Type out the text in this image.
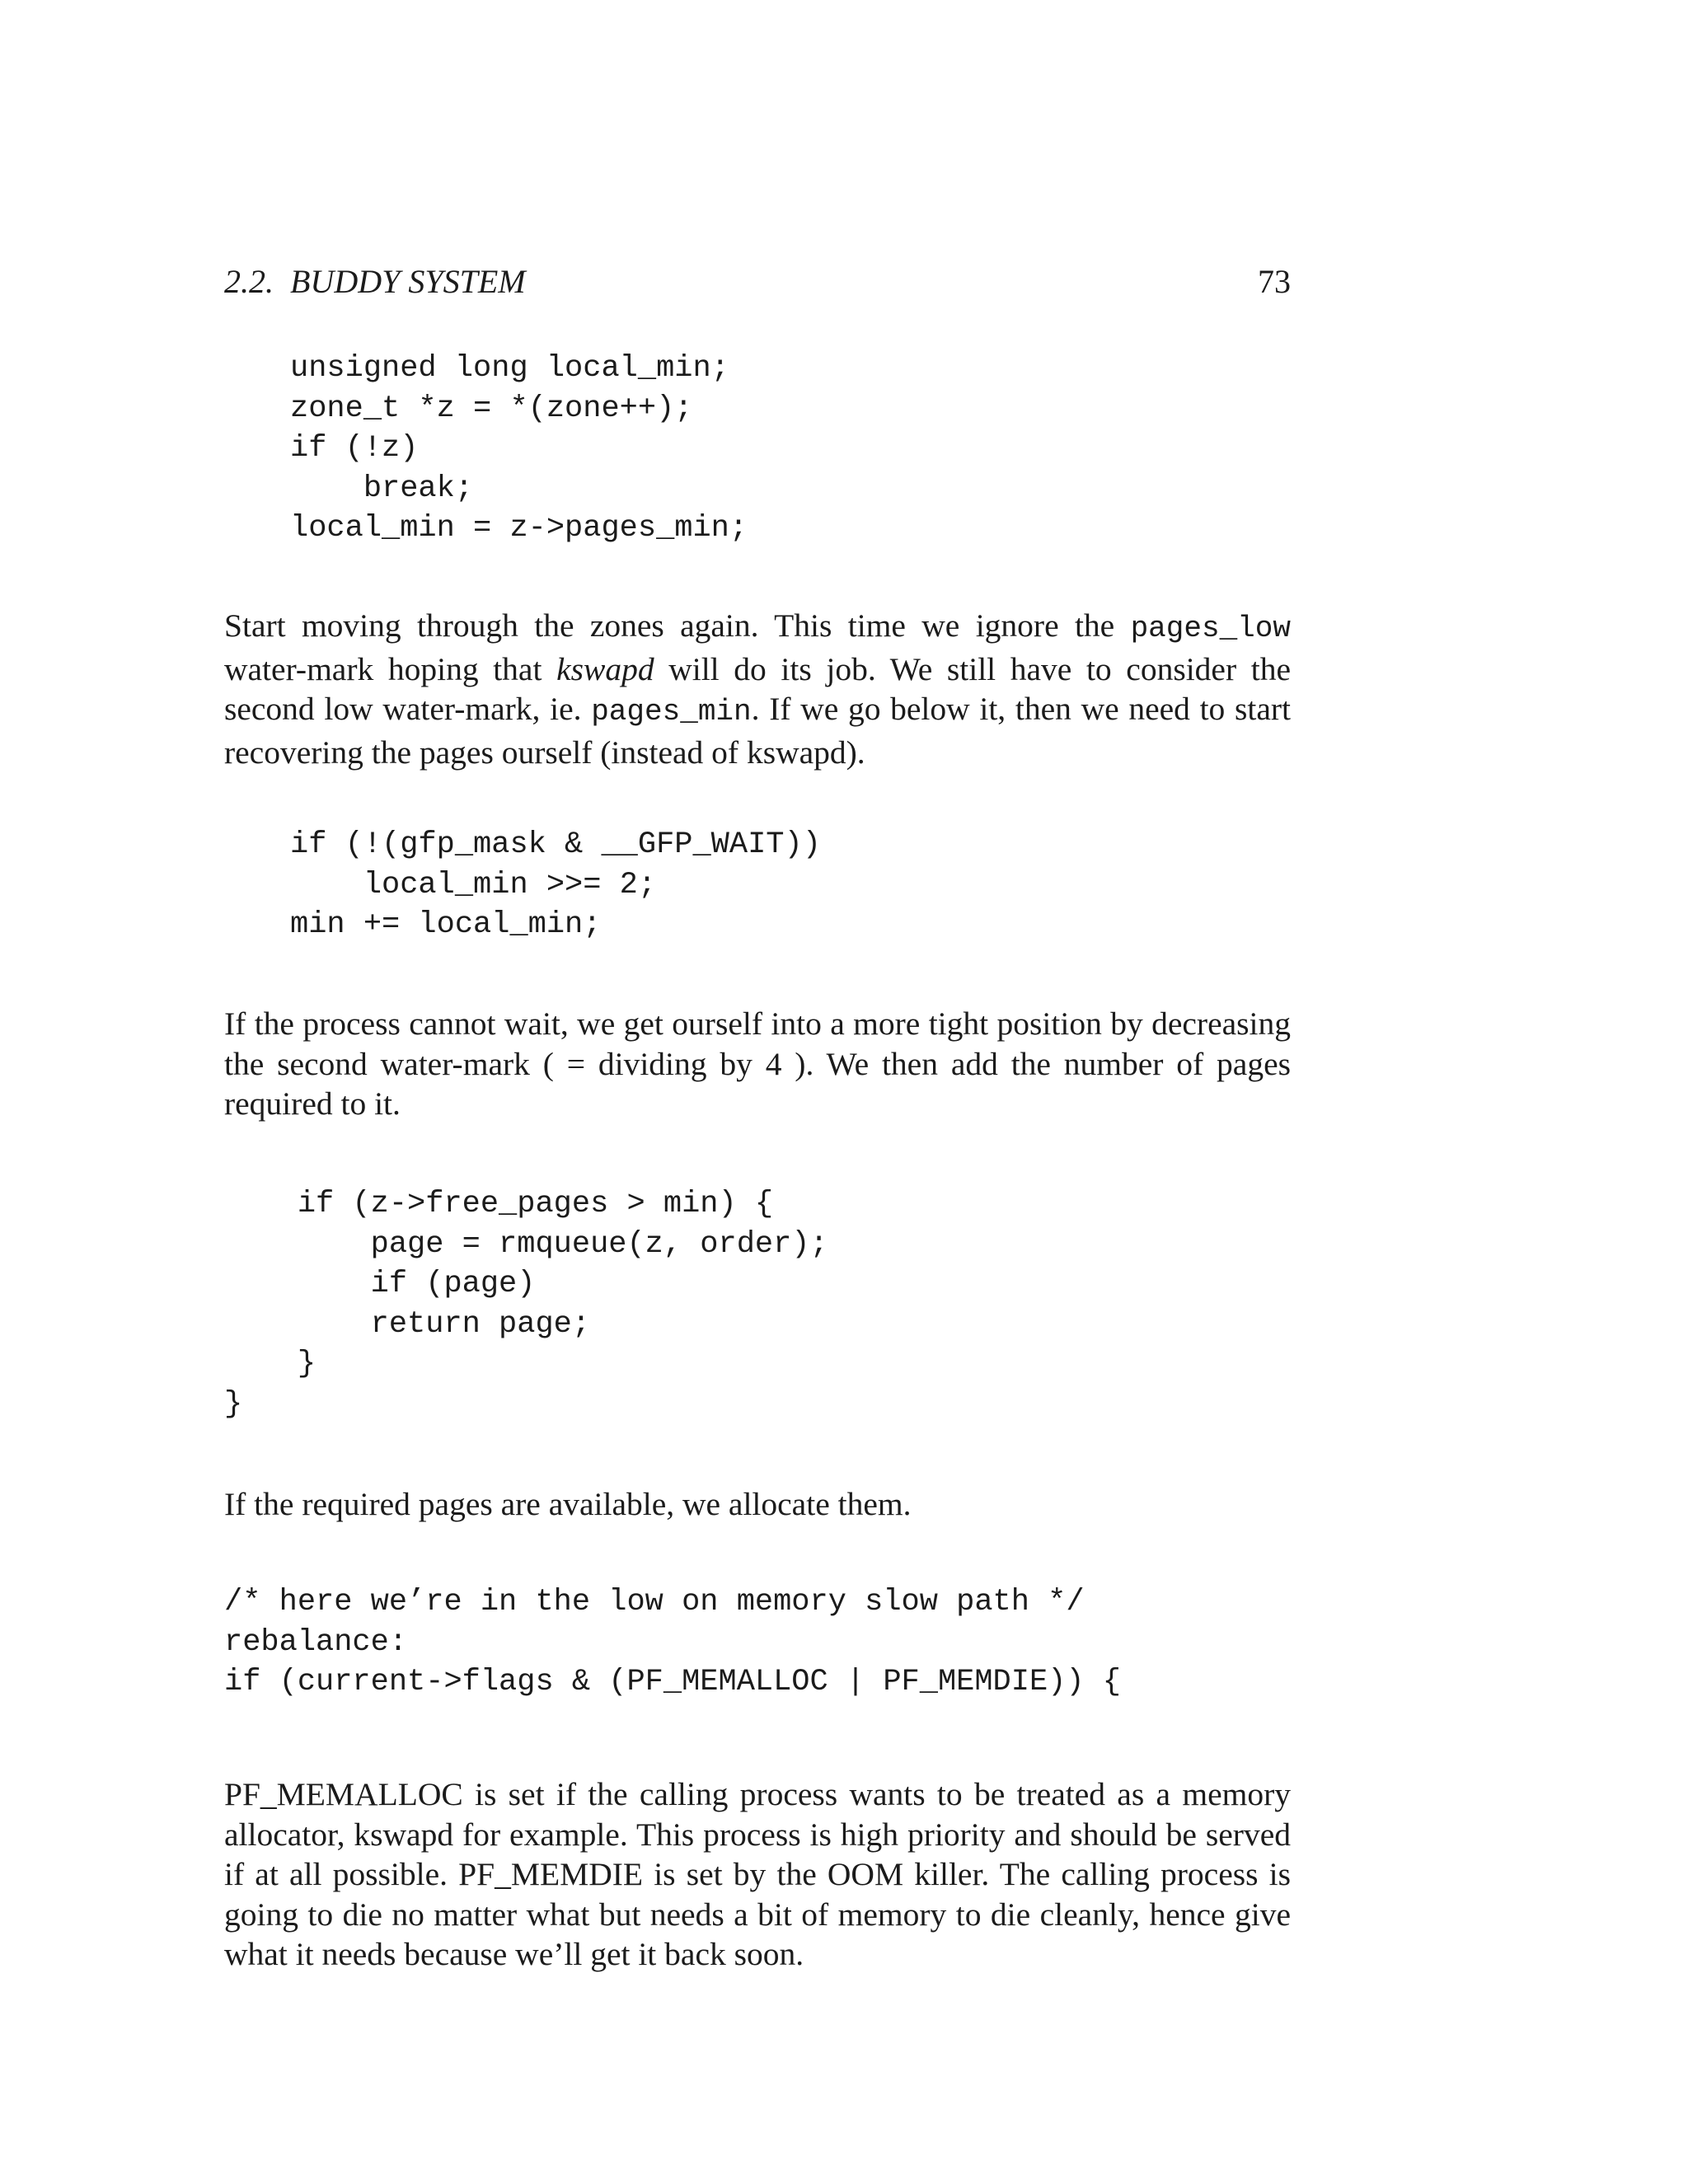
2.2.  BUDDY SYSTEM	73
unsigned long local_min;
zone_t *z = *(zone++);
if (!z)
break;
local_min = z->pages_min;

Start moving through the zones again. This time we ignore the pages_low water-mark hoping that kswapd will do its job. We still have to consider the second low water-mark, ie. pages_min. If we go below it, then we need to start recovering the pages ourself (instead of kswapd).

if (!(gfp_mask & __GFP_WAIT))
local_min >>= 2;
min += local_min;

If the process cannot wait, we get ourself into a more tight position by decreasing the second water-mark ( = dividing by 4 ). We then add the number of pages required to it.

if (z->free_pages > min) {
page = rmqueue(z, order);
if (page)
return page;
}
}

If the required pages are available, we allocate them.

/* here we’re in the low on memory slow path */
rebalance:
if (current->flags & (PF_MEMALLOC | PF_MEMDIE)) {

PF_MEMALLOC is set if the calling process wants to be treated as a memory allocator, kswapd for example. This process is high priority and should be served if at all possible. PF_MEMDIE is set by the OOM killer. The calling process is going to die no matter what but needs a bit of memory to die cleanly, hence give what it needs because we’ll get it back soon.
